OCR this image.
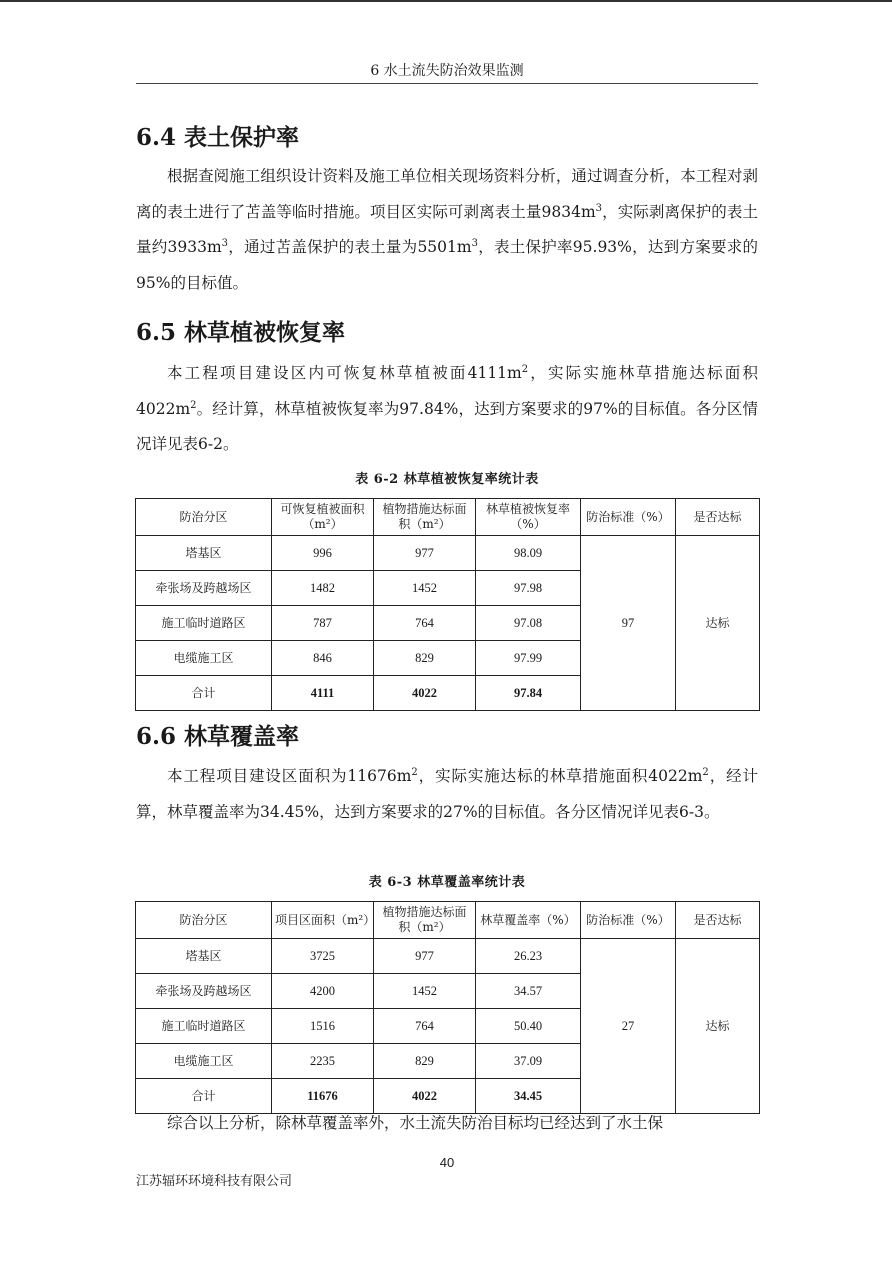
6 水土流失防治效果监测
6.4 表土保护率

根据查阅施工组织设计资料及施工单位相关现场资料分析，通过调查分析，本工程对剥离的表土进行了苫盖等临时措施。项目区实际可剥离表土量$9834m^3$，实际剥离保护的表土量约$3933m^3$，通过苫盖保护的表土量为$5501m^3$，表土保护率95.93%，达到方案要求的95%的目标值。

6.5 林草植被恢复率

本工程项目建设区内可恢复林草植被面$4111m^2$，实际实施林草措施达标面积$4022m^2$。经计算，林草植被恢复率为97.84%，达到方案要求的97%的目标值。各分区情况详见表6-2。

表 6-2 林草植被恢复率统计表
防治分区	可恢复植被面积（m²）	植物措施达标面积（m²）	林草植被恢复率（%）	防治标准（%）	是否达标
塔基区	996	977	98.09	97	达标
牵张场及跨越场区	1482	1452	97.98		
施工临时道路区	787	764	97.08		
电缆施工区	846	829	97.99		
合计	4111	4022	97.84		
6.6 林草覆盖率

本工程项目建设区面积为$11676m^2$，实际实施达标的林草措施面积$4022m^2$，经计算，林草覆盖率为34.45%，达到方案要求的27%的目标值。各分区情况详见表6-3。

表 6-3 林草覆盖率统计表
防治分区	项目区面积（m²）	植物措施达标面积（m²）	林草覆盖率（%）	防治标准（%）	是否达标
塔基区	3725	977	26.23	27	达标
牵张场及跨越场区	4200	1452	34.57		
施工临时道路区	1516	764	50.40		
电缆施工区	2235	829	37.09		
合计	11676	4022	34.45		

综合以上分析，除林草覆盖率外，水土流失防治目标均已经达到了水土保

40
江苏辐环环境科技有限公司
